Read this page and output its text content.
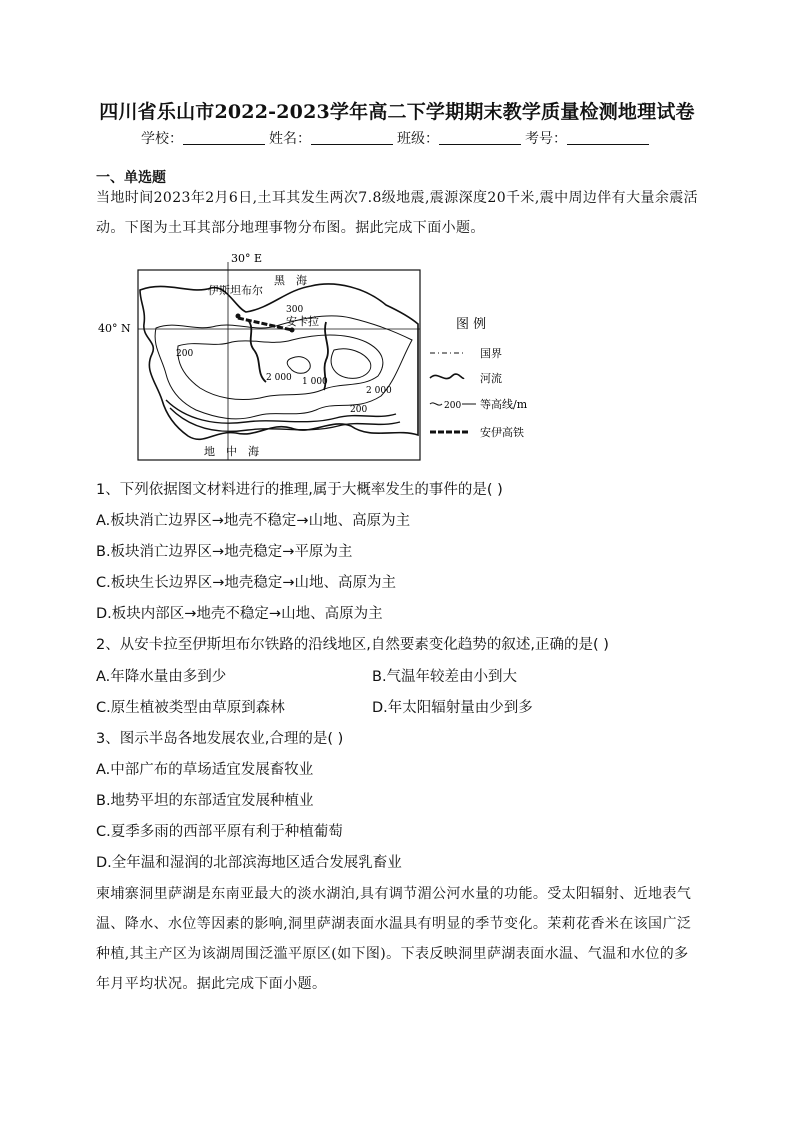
四川省乐山市2022-2023学年高二下学期期末教学质量检测地理试卷
学校：	姓名：	班级：	考号：
一、单选题
当地时间2023年2月6日,土耳其发生两次7.8级地震,震源深度20千米,震中周边伴有大量余震活动。下图为土耳其部分地理事物分布图。据此完成下面小题。
30° E
40° N
伊斯坦布尔
安卡拉
黑　海
地　中　海
300
200
200
1 000
2 000
2 000
图 例
国界
河流
200 等高线/m
安伊高铁
1、下列依据图文材料进行的推理,属于大概率发生的事件的是( )
A.板块消亡边界区→地壳不稳定→山地、高原为主
B.板块消亡边界区→地壳稳定→平原为主
C.板块生长边界区→地壳稳定→山地、高原为主
D.板块内部区→地壳不稳定→山地、高原为主
2、从安卡拉至伊斯坦布尔铁路的沿线地区,自然要素变化趋势的叙述,正确的是( )
A.年降水量由多到少	B.气温年较差由小到大
C.原生植被类型由草原到森林	D.年太阳辐射量由少到多
3、图示半岛各地发展农业,合理的是( )
A.中部广布的草场适宜发展畜牧业
B.地势平坦的东部适宜发展种植业
C.夏季多雨的西部平原有利于种植葡萄
D.全年温和湿润的北部滨海地区适合发展乳畜业
柬埔寨洞里萨湖是东南亚最大的淡水湖泊,具有调节湄公河水量的功能。受太阳辐射、近地表气温、降水、水位等因素的影响,洞里萨湖表面水温具有明显的季节变化。茉莉花香米在该国广泛种植,其主产区为该湖周围泛滥平原区(如下图)。下表反映洞里萨湖表面水温、气温和水位的多年月平均状况。据此完成下面小题。
